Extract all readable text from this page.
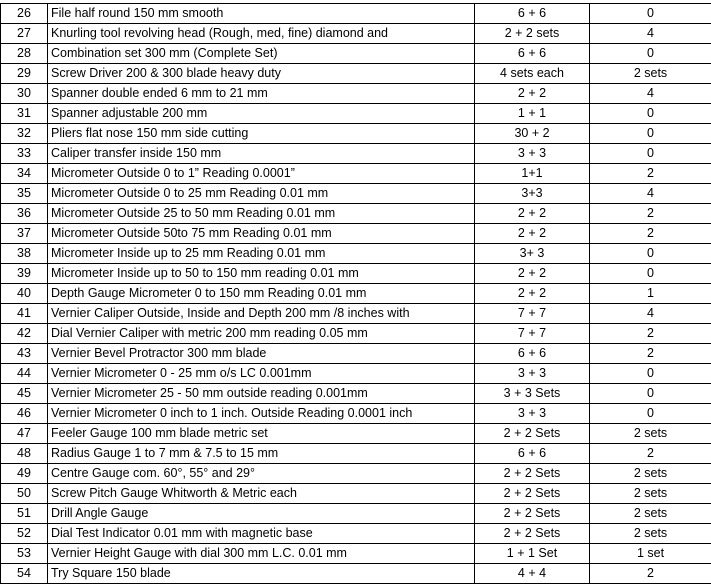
26	File half round 150 mm smooth	6 + 6	0
27	Knurling tool revolving head (Rough, med, fine) diamond and	2 + 2 sets	4
28	Combination set 300 mm (Complete Set)	6 + 6	0
29	Screw Driver 200 & 300 blade heavy duty	4 sets each	2 sets
30	Spanner double ended 6 mm to 21 mm	2 + 2	4
31	Spanner adjustable 200 mm	1 + 1	0
32	Pliers flat nose 150 mm side cutting	30 + 2	0
33	Caliper transfer inside 150 mm	3 + 3	0
34	Micrometer Outside 0 to 1” Reading 0.0001”	1+1	2
35	Micrometer Outside 0 to 25 mm Reading 0.01 mm	3+3	4
36	Micrometer Outside 25 to 50 mm Reading 0.01 mm	2 + 2	2
37	Micrometer Outside 50to 75 mm Reading 0.01 mm	2 + 2	2
38	Micrometer Inside up to 25 mm Reading 0.01 mm	3+ 3	0
39	Micrometer Inside up to 50 to 150 mm reading 0.01 mm	2 + 2	0
40	Depth Gauge Micrometer 0 to 150 mm Reading 0.01 mm	2 + 2	1
41	Vernier Caliper Outside, Inside and Depth 200 mm /8 inches with	7 + 7	4
42	Dial Vernier Caliper with metric 200 mm reading 0.05 mm	7 + 7	2
43	Vernier Bevel Protractor 300 mm blade	6 + 6	2
44	Vernier Micrometer 0 - 25 mm o/s LC 0.001mm	3 + 3	0
45	Vernier Micrometer 25 - 50 mm outside reading 0.001mm	3 + 3 Sets	0
46	Vernier Micrometer 0 inch to 1 inch. Outside Reading 0.0001 inch	3 + 3	0
47	Feeler Gauge 100 mm blade metric set	2 + 2 Sets	2 sets
48	Radius Gauge 1 to 7 mm & 7.5 to 15 mm	6 + 6	2
49	Centre Gauge com. 60°, 55° and 29°	2 + 2 Sets	2 sets
50	Screw Pitch Gauge Whitworth & Metric each	2 + 2 Sets	2 sets
51	Drill Angle Gauge	2 + 2 Sets	2 sets
52	Dial Test Indicator 0.01 mm with magnetic base	2 + 2 Sets	2 sets
53	Vernier Height Gauge with dial 300 mm L.C. 0.01 mm	1 + 1 Set	1 set
54	Try Square 150 blade	4 + 4	2
